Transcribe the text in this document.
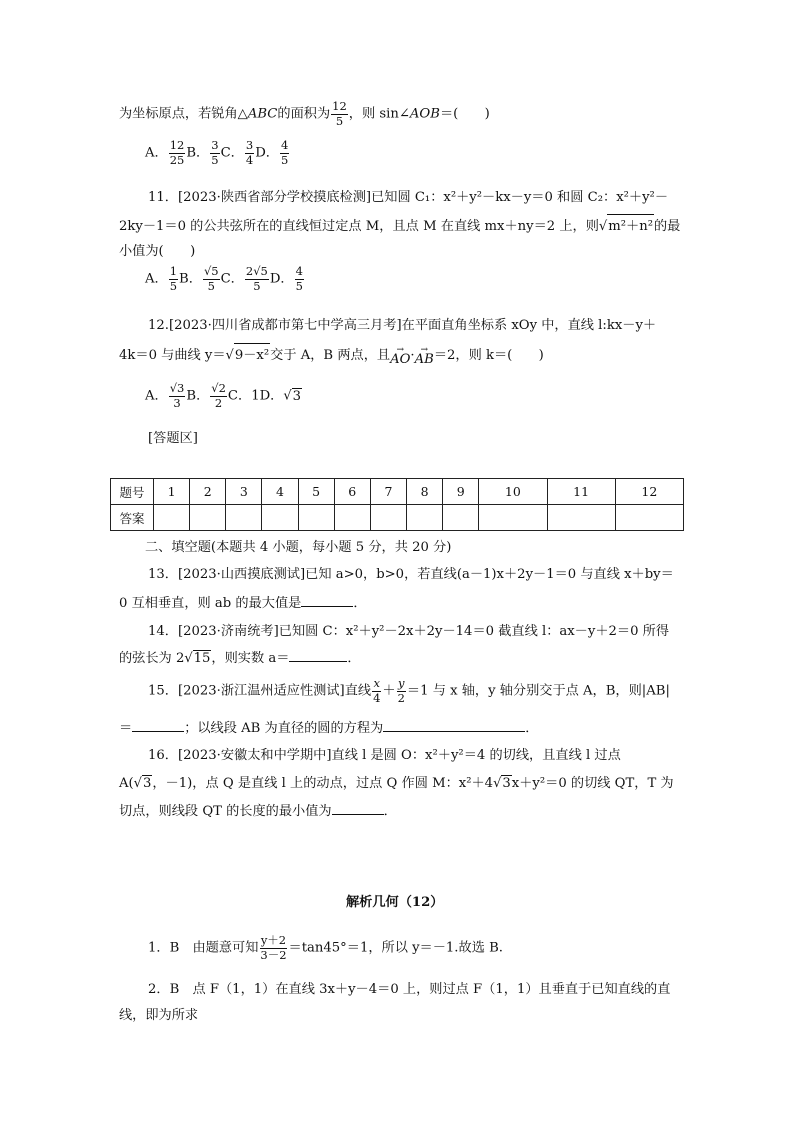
为坐标原点，若锐角△ABC的面积为 $\frac{12}{5}$ ，则 sin∠AOB＝(　　)
A． $\frac{12}{25}$ B． $\frac{3}{5}$ C． $\frac{3}{4}$ D． $\frac{4}{5}$
11．[2023·陕西省部分学校摸底检测]已知圆 C₁：x²＋y²－kx－y＝0 和圆 C₂：x²＋y²－
2ky－1＝0 的公共弦所在的直线恒过定点 M，且点 M 在直线 mx＋ny＝2 上，则√m²＋n²的最
小值为(　　)
A． $\frac{1}{5}$ B． $\frac{√5}{5}$ C． $\frac{2√5}{5}$ D． $\frac{4}{5}$
12.[2023·四川省成都市第七中学高三月考]在平面直角坐标系 xOy 中，直线 l:kx－y＋
4k＝0 与曲线 y＝√9－x²交于 A，B 两点，且 →
AO · →
AB ＝2，则 k＝(　　)
A． $\frac{√3}{3}$ B． $\frac{√2}{2}$ C．1D．√3
[答题区]
题号	1	2	3	4	5	6	7	8	9	10	11	12
答案												
二、填空题(本题共 4 小题，每小题 5 分，共 20 分)
13．[2023·山西摸底测试]已知 a>0，b>0，若直线(a－1)x＋2y－1＝0 与直线 x＋by＝
0 互相垂直，则 ab 的最大值是	．
14．[2023·济南统考]已知圆 C：x²＋y²－2x＋2y－14＝0 截直线 l：ax－y＋2＝0 所得
的弦长为 2√15，则实数 a＝	．
15．[2023·浙江温州适应性测试]直线 $\frac{x}{4} + \frac{y}{2} =1$ 与 x 轴，y 轴分别交于点 A，B，则|AB|
＝	；以线段 AB 为直径的圆的方程为	．
16．[2023·安徽太和中学期中]直线 l 是圆 O：x²＋y²＝4 的切线，且直线 l 过点
A(√3，－1)，点 Q 是直线 l 上的动点，过点 Q 作圆 M：x²＋4√3x＋y²＝0 的切线 QT，T 为
切点，则线段 QT 的长度的最小值为	．
解析几何（12）
1．B　由题意可知 $\frac{y+2}{3-2} =\tan 45^\circ=1$，所以 y＝－1.故选 B.
2．B　点 F（1，1）在直线 3x＋y－4＝0 上，则过点 F（1，1）且垂直于已知直线的直
线，即为所求
